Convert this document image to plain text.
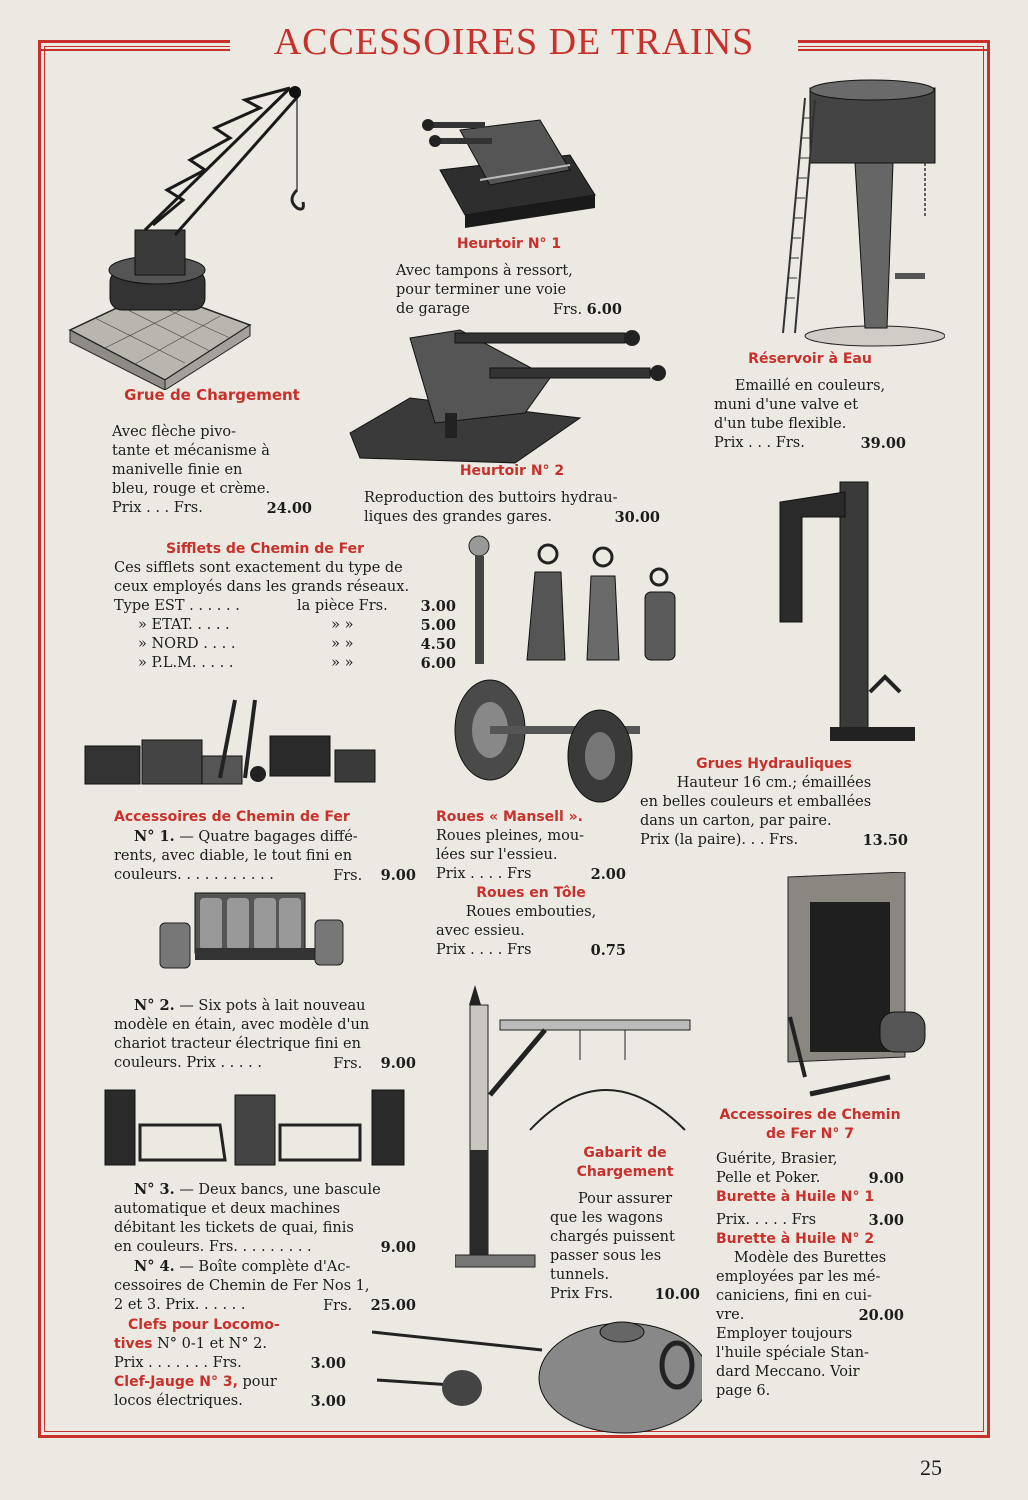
ACCESSOIRES DE TRAINS
Grue de Chargement
Avec flèche pivo-
tante et mécanisme à
manivelle finie en
bleu, rouge et crème.
Prix . . . Frs.	24.00
Heurtoir N° 1
Avec tampons à ressort,
pour terminer une voie
de garage	Frs. 6.00
Réservoir à Eau
Emaillé en couleurs,
muni d'une valve et
d'un tube flexible.
Prix . . . Frs.	39.00
Heurtoir N° 2
Reproduction des buttoirs hydrau-
liques des grandes gares.	30.00
Sifflets de Chemin de Fer
Ces sifflets sont exactement du type de
ceux employés dans les grands réseaux.
Type EST . . . . . .	la pièce Frs.	3.00
» ETAT. . . . .	» »	5.00
» NORD . . . .	» »	4.50
» P.L.M. . . . .	» »	6.00
Grues Hydrauliques
Hauteur 16 cm.; émaillées
en belles couleurs et emballées
dans un carton, par paire.
Prix (la paire). . . Frs.	13.50
Accessoires de Chemin de Fer
N° 1. — Quatre bagages diffé-
rents, avec diable, le tout fini en
couleurs. . . . . . . . . . .	Frs. 9.00
N° 2. — Six pots à lait nouveau
modèle en étain, avec modèle d'un
chariot tracteur électrique fini en
couleurs. Prix . . . . .	Frs. 9.00
N° 3. — Deux bancs, une bascule
automatique et deux machines
débitant les tickets de quai, finis
en couleurs. Frs. . . . . . . . .	9.00
N° 4. — Boîte complète d'Ac-
cessoires de Chemin de Fer Nos 1,
2 et 3. Prix. . . . . .	Frs. 25.00
Clefs pour Locomo-
tives N° 0-1 et N° 2.
Prix . . . . . . . Frs.	3.00
Clef-Jauge N° 3, pour
locos électriques.	3.00
Roues « Mansell ».
Roues pleines, mou-
lées sur l'essieu.
Prix . . . . Frs	2.00
Roues en Tôle
Roues embouties,
avec essieu.
Prix . . . . Frs	0.75
Gabarit de Chargement
Pour assurer
que les wagons
chargés puissent
passer sous les
tunnels.
Prix Frs.	10.00
Accessoires de Chemin de Fer N° 7
Guérite, Brasier,
Pelle et Poker.	9.00
Burette à Huile N° 1
Prix. . . . . Frs	3.00
Burette à Huile N° 2
Modèle des Burettes
employées par les mé-
caniciens, fini en cui-
vre.	20.00
Employer toujours
l'huile spéciale Stan-
dard Meccano. Voir
page 6.
25
